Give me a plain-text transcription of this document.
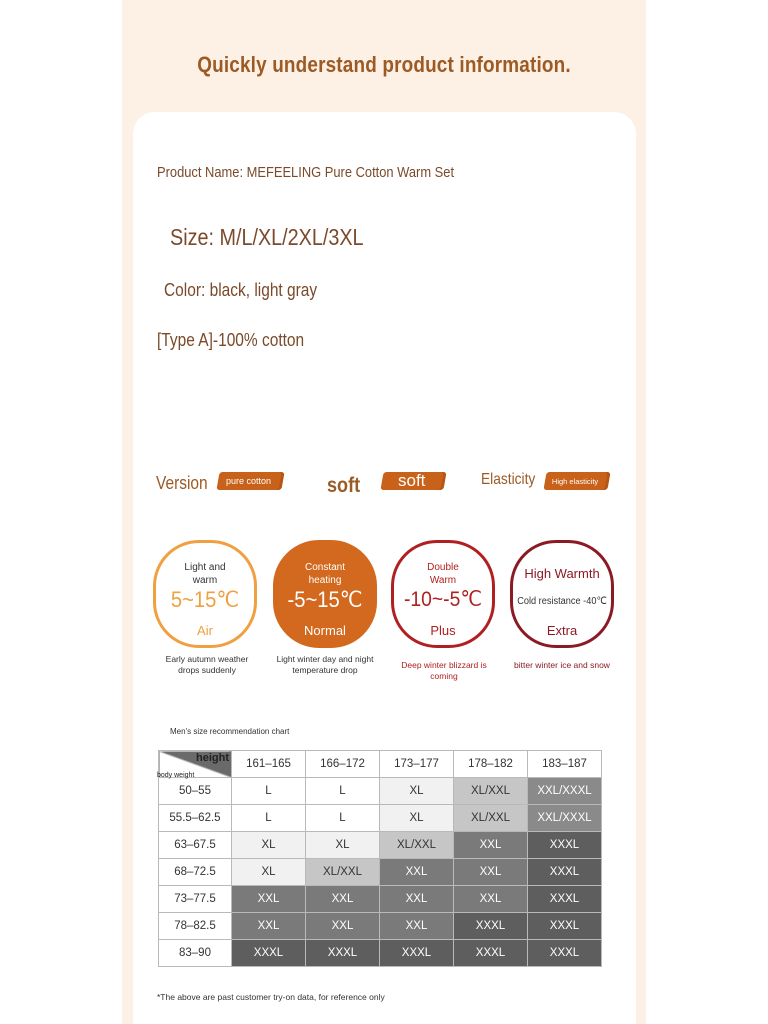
Quickly understand product information.
Product Name: MEFEELING Pure Cotton Warm Set
Size: M/L/XL/2XL/3XL
Color: black, light gray
[Type A]-100% cotton
Version pure cotton	soft soft	Elasticity High elasticity
Light and warm
5~15℃
Air
Constant heating
-5~15℃
Normal
Double Warm
-10~-5℃
Plus
High Warmth
Cold resistance -40℃
Extra
Early autumn weather drops suddenly
Light winter day and night temperature drop	Deep winter blizzard is coming
bitter winter ice and snow
Men's size recommendation chart
height
body weight	161–165	166–172	173–177	178–182	183–187
50–55	L	L	XL	XL/XXL	XXL/XXXL
55.5–62.5	L	L	XL	XL/XXL	XXL/XXXL
63–67.5	XL	XL	XL/XXL	XXL	XXXL
68–72.5	XL	XL/XXL	XXL	XXL	XXXL
73–77.5	XXL	XXL	XXL	XXL	XXXL
78–82.5	XXL	XXL	XXL	XXXL	XXXL
83–90	XXXL	XXXL	XXXL	XXXL	XXXL
*The above are past customer try-on data, for reference only
